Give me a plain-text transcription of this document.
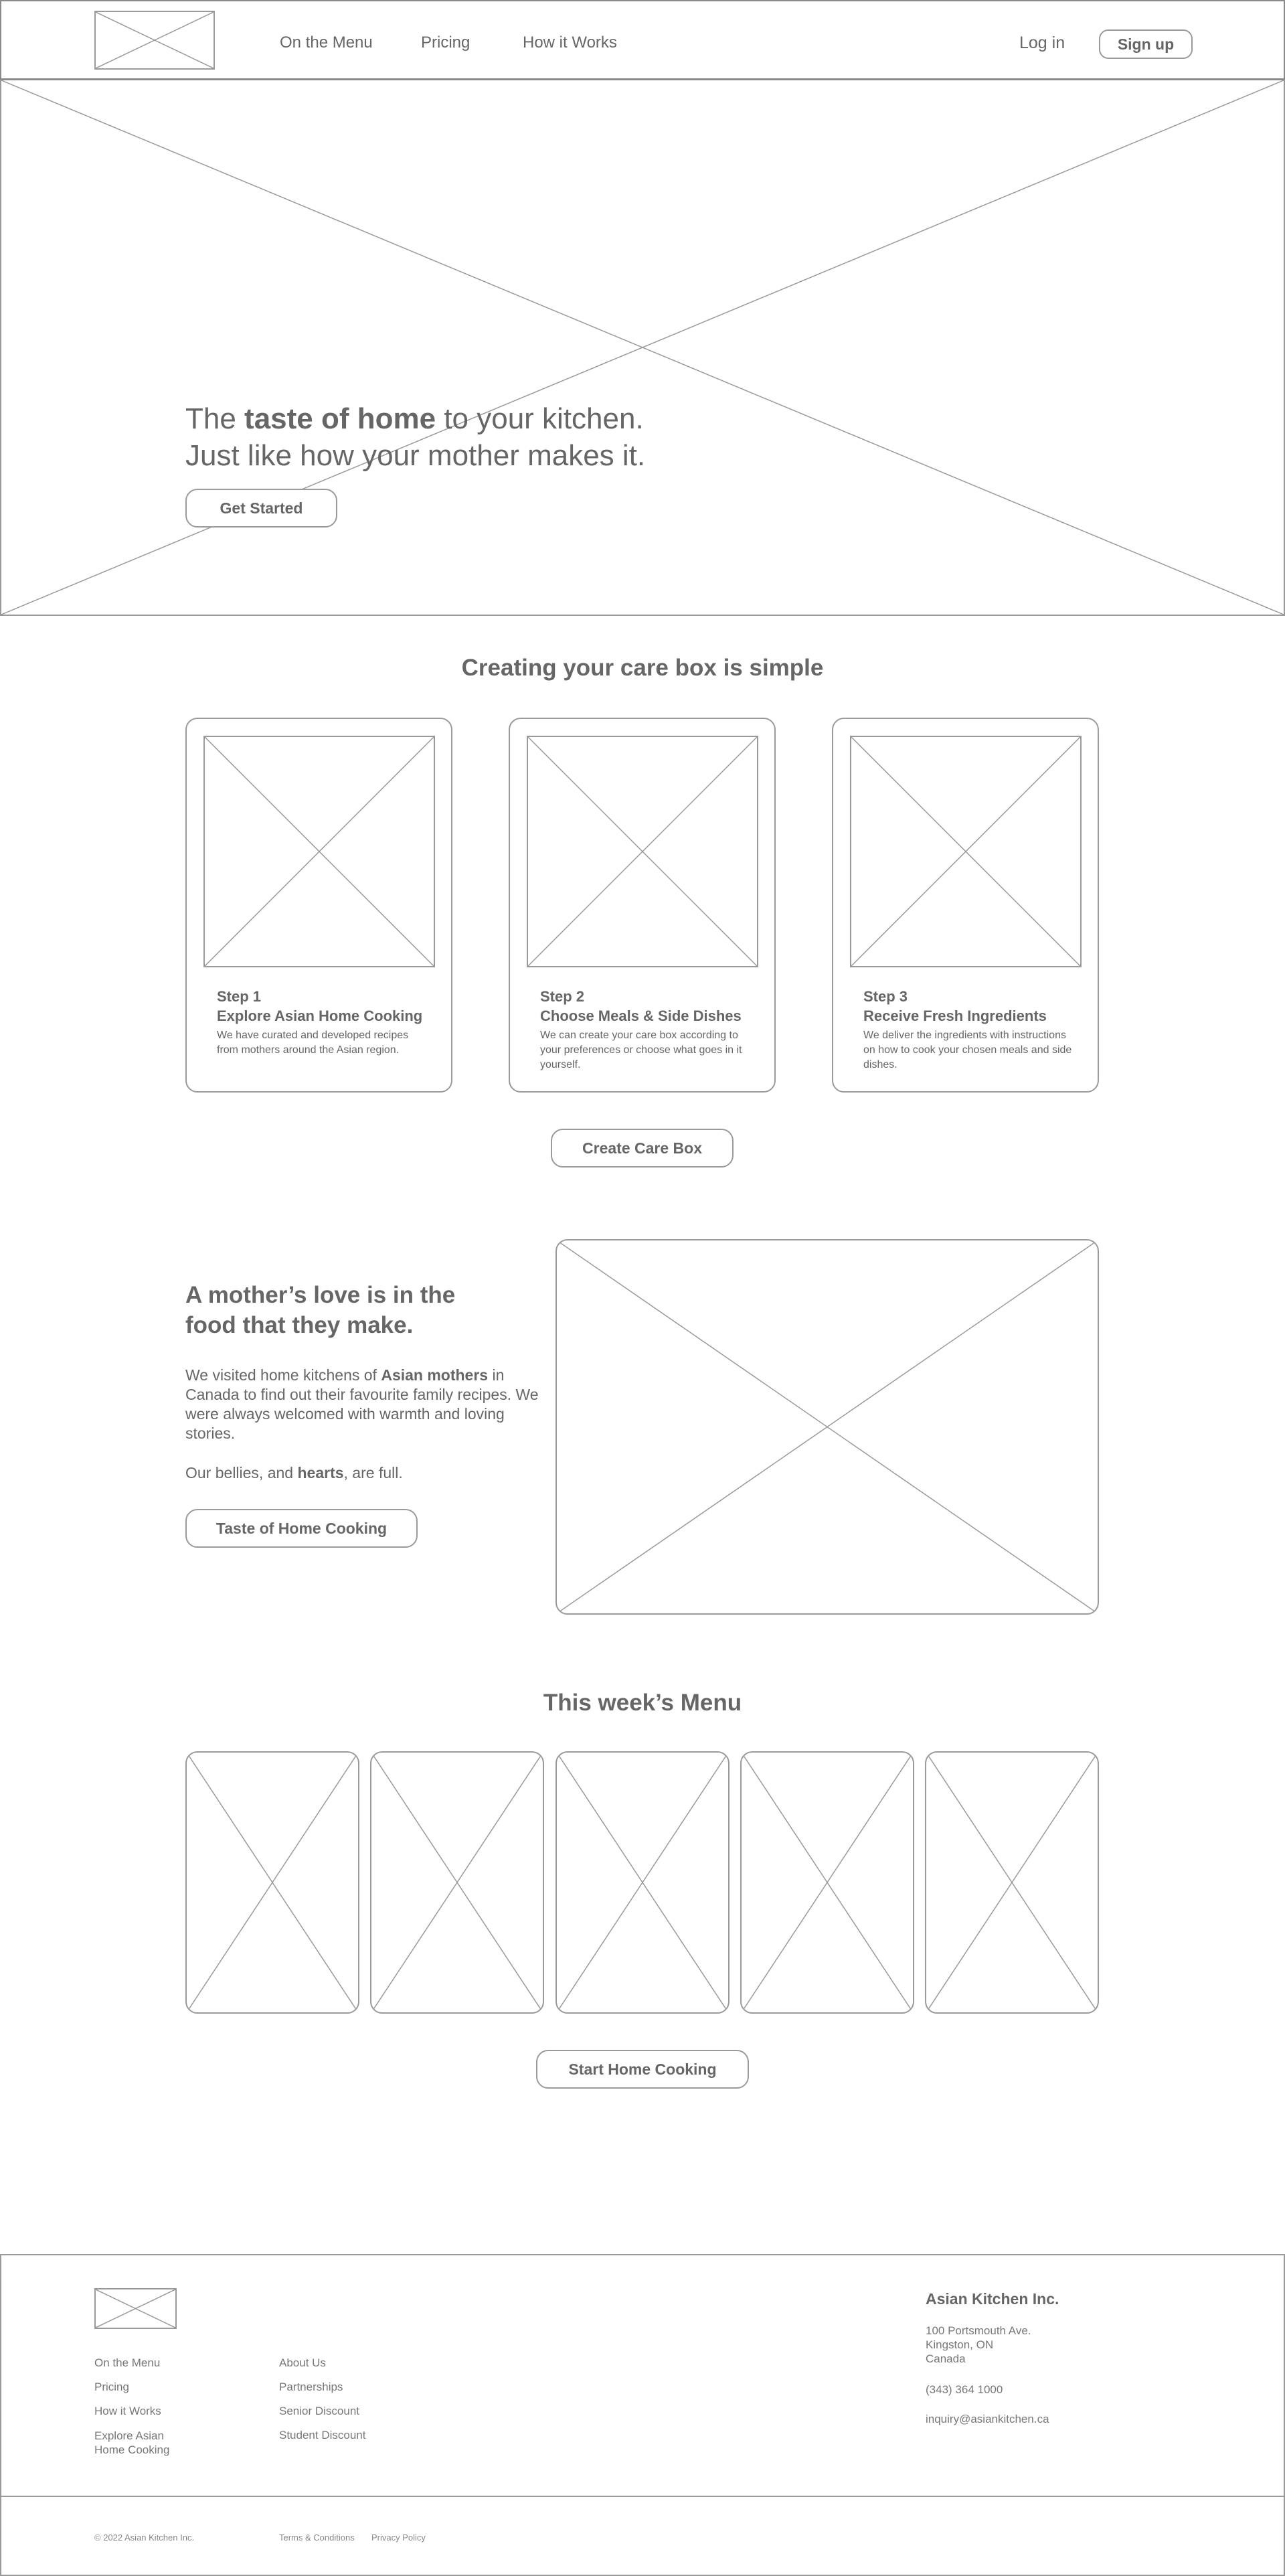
On the Menu	Pricing	How it Works	Log in	Sign up
The taste of home to your kitchen.
Just like how your mother makes it.
Get Started
Creating your care box is simple
Step 1
Explore Asian Home Cooking
We have curated and developed recipes from mothers around the Asian region.
Step 2
Choose Meals & Side Dishes
We can create your care box according to your preferences or choose what goes in it yourself.
Step 3
Receive Fresh Ingredients
We deliver the ingredients with instructions on how to cook your chosen meals and side dishes.
Create Care Box
A mother’s love is in the
food that they make.

We visited home kitchens of Asian mothers in Canada to find out their favourite family recipes. We were always welcomed with warmth and loving stories.

Our bellies, and hearts, are full.

Taste of Home Cooking
This week’s Menu
Start Home Cooking
On the Menu
Pricing
How it Works
Explore Asian Home Cooking
About Us
Partnerships
Senior Discount
Student Discount
Asian Kitchen Inc.
100 Portsmouth Ave.
Kingston, ON
Canada
(343) 364 1000
inquiry@asiankitchen.ca
© 2022 Asian Kitchen Inc.	Terms & Conditions Privacy Policy
